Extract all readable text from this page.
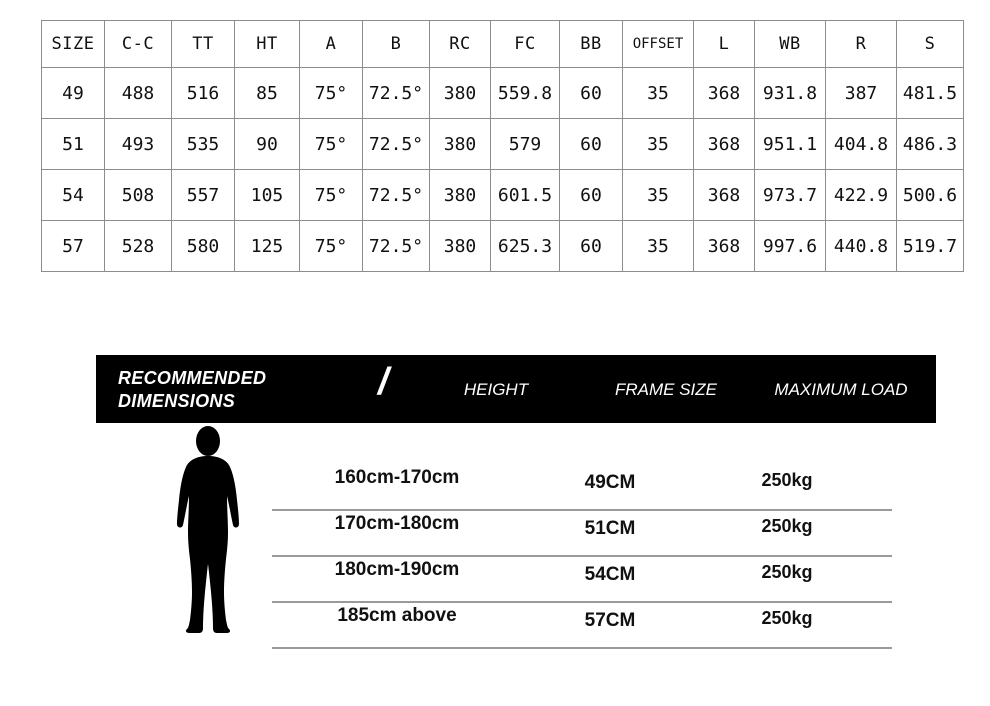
SIZE	C-C	TT	HT	A	B	RC	FC	BB	OFFSET	L	WB	R	S
49	488	516	85	75°	72.5°	380	559.8	60	35	368	931.8	387	481.5
51	493	535	90	75°	72.5°	380	579	60	35	368	951.1	404.8	486.3
54	508	557	105	75°	72.5°	380	601.5	60	35	368	973.7	422.9	500.6
57	528	580	125	75°	72.5°	380	625.3	60	35	368	997.6	440.8	519.7
RECOMMENDED
DIMENSIONS	/	HEIGHT	FRAME SIZE	MAXIMUM LOAD
160cm-170cm	49CM	250kg
170cm-180cm	51CM	250kg
180cm-190cm	54CM	250kg
185cm above	57CM	250kg
